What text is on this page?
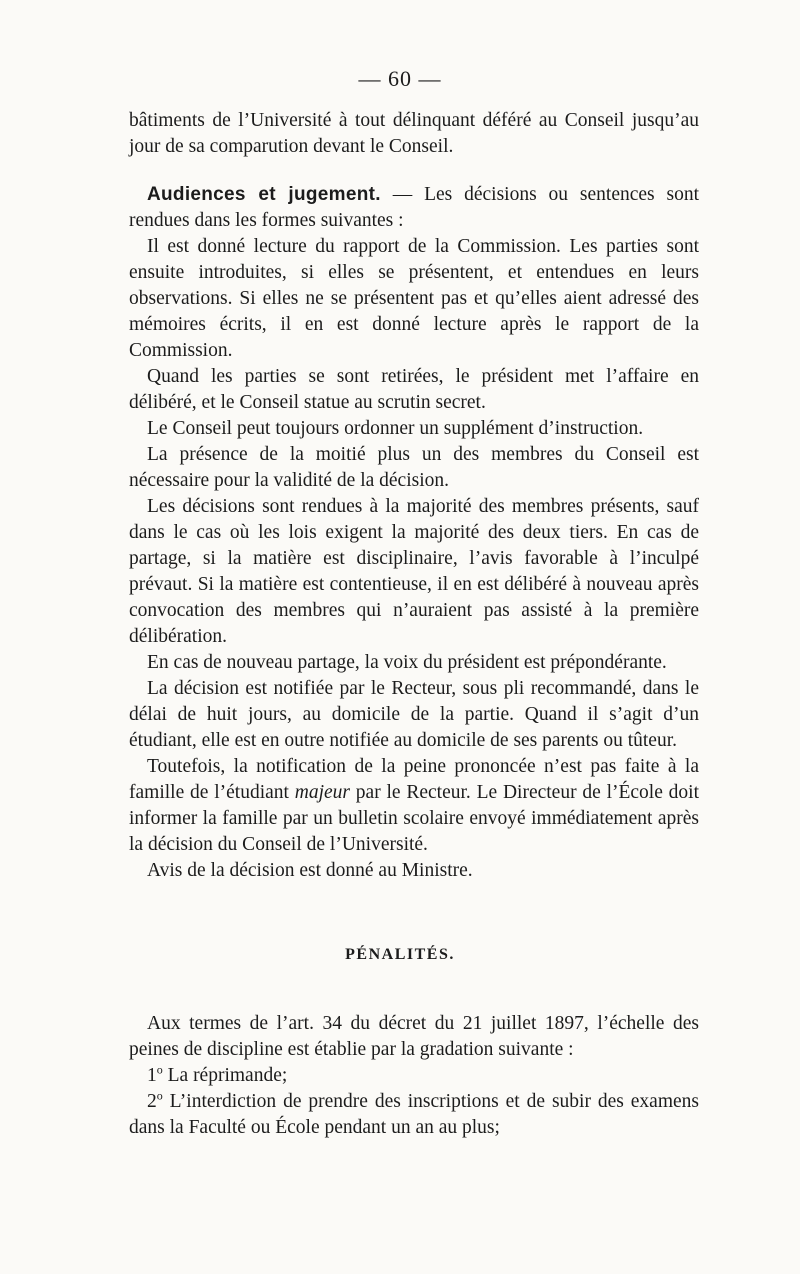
— 60 —

bâtiments de l’Université à tout délinquant déféré au Conseil jusqu’au jour de sa comparution devant le Conseil.

Audiences et jugement. — Les décisions ou sentences sont rendues dans les formes suivantes :

Il est donné lecture du rapport de la Commission. Les parties sont ensuite introduites, si elles se présentent, et entendues en leurs observations. Si elles ne se présentent pas et qu’elles aient adressé des mémoires écrits, il en est donné lecture après le rapport de la Commission.

Quand les parties se sont retirées, le président met l’affaire en délibéré, et le Conseil statue au scrutin secret.

Le Conseil peut toujours ordonner un supplément d’instruction.

La présence de la moitié plus un des membres du Conseil est nécessaire pour la validité de la décision.

Les décisions sont rendues à la majorité des membres présents, sauf dans le cas où les lois exigent la majorité des deux tiers. En cas de partage, si la matière est disciplinaire, l’avis favorable à l’inculpé prévaut. Si la matière est contentieuse, il en est délibéré à nouveau après convocation des membres qui n’auraient pas assisté à la première délibération.

En cas de nouveau partage, la voix du président est prépondérante.

La décision est notifiée par le Recteur, sous pli recommandé, dans le délai de huit jours, au domicile de la partie. Quand il s’agit d’un étudiant, elle est en outre notifiée au domicile de ses parents ou tûteur.

Toutefois, la notification de la peine prononcée n’est pas faite à la famille de l’étudiant majeur par le Recteur. Le Directeur de l’École doit informer la famille par un bulletin scolaire envoyé immédiatement après la décision du Conseil de l’Université.

Avis de la décision est donné au Ministre.

PÉNALITÉS.

Aux termes de l’art. 34 du décret du 21 juillet 1897, l’échelle des peines de discipline est établie par la gradation suivante :

1$^o$ La réprimande;

2$^o$ L’interdiction de prendre des inscriptions et de subir des examens dans la Faculté ou École pendant un an au plus;
